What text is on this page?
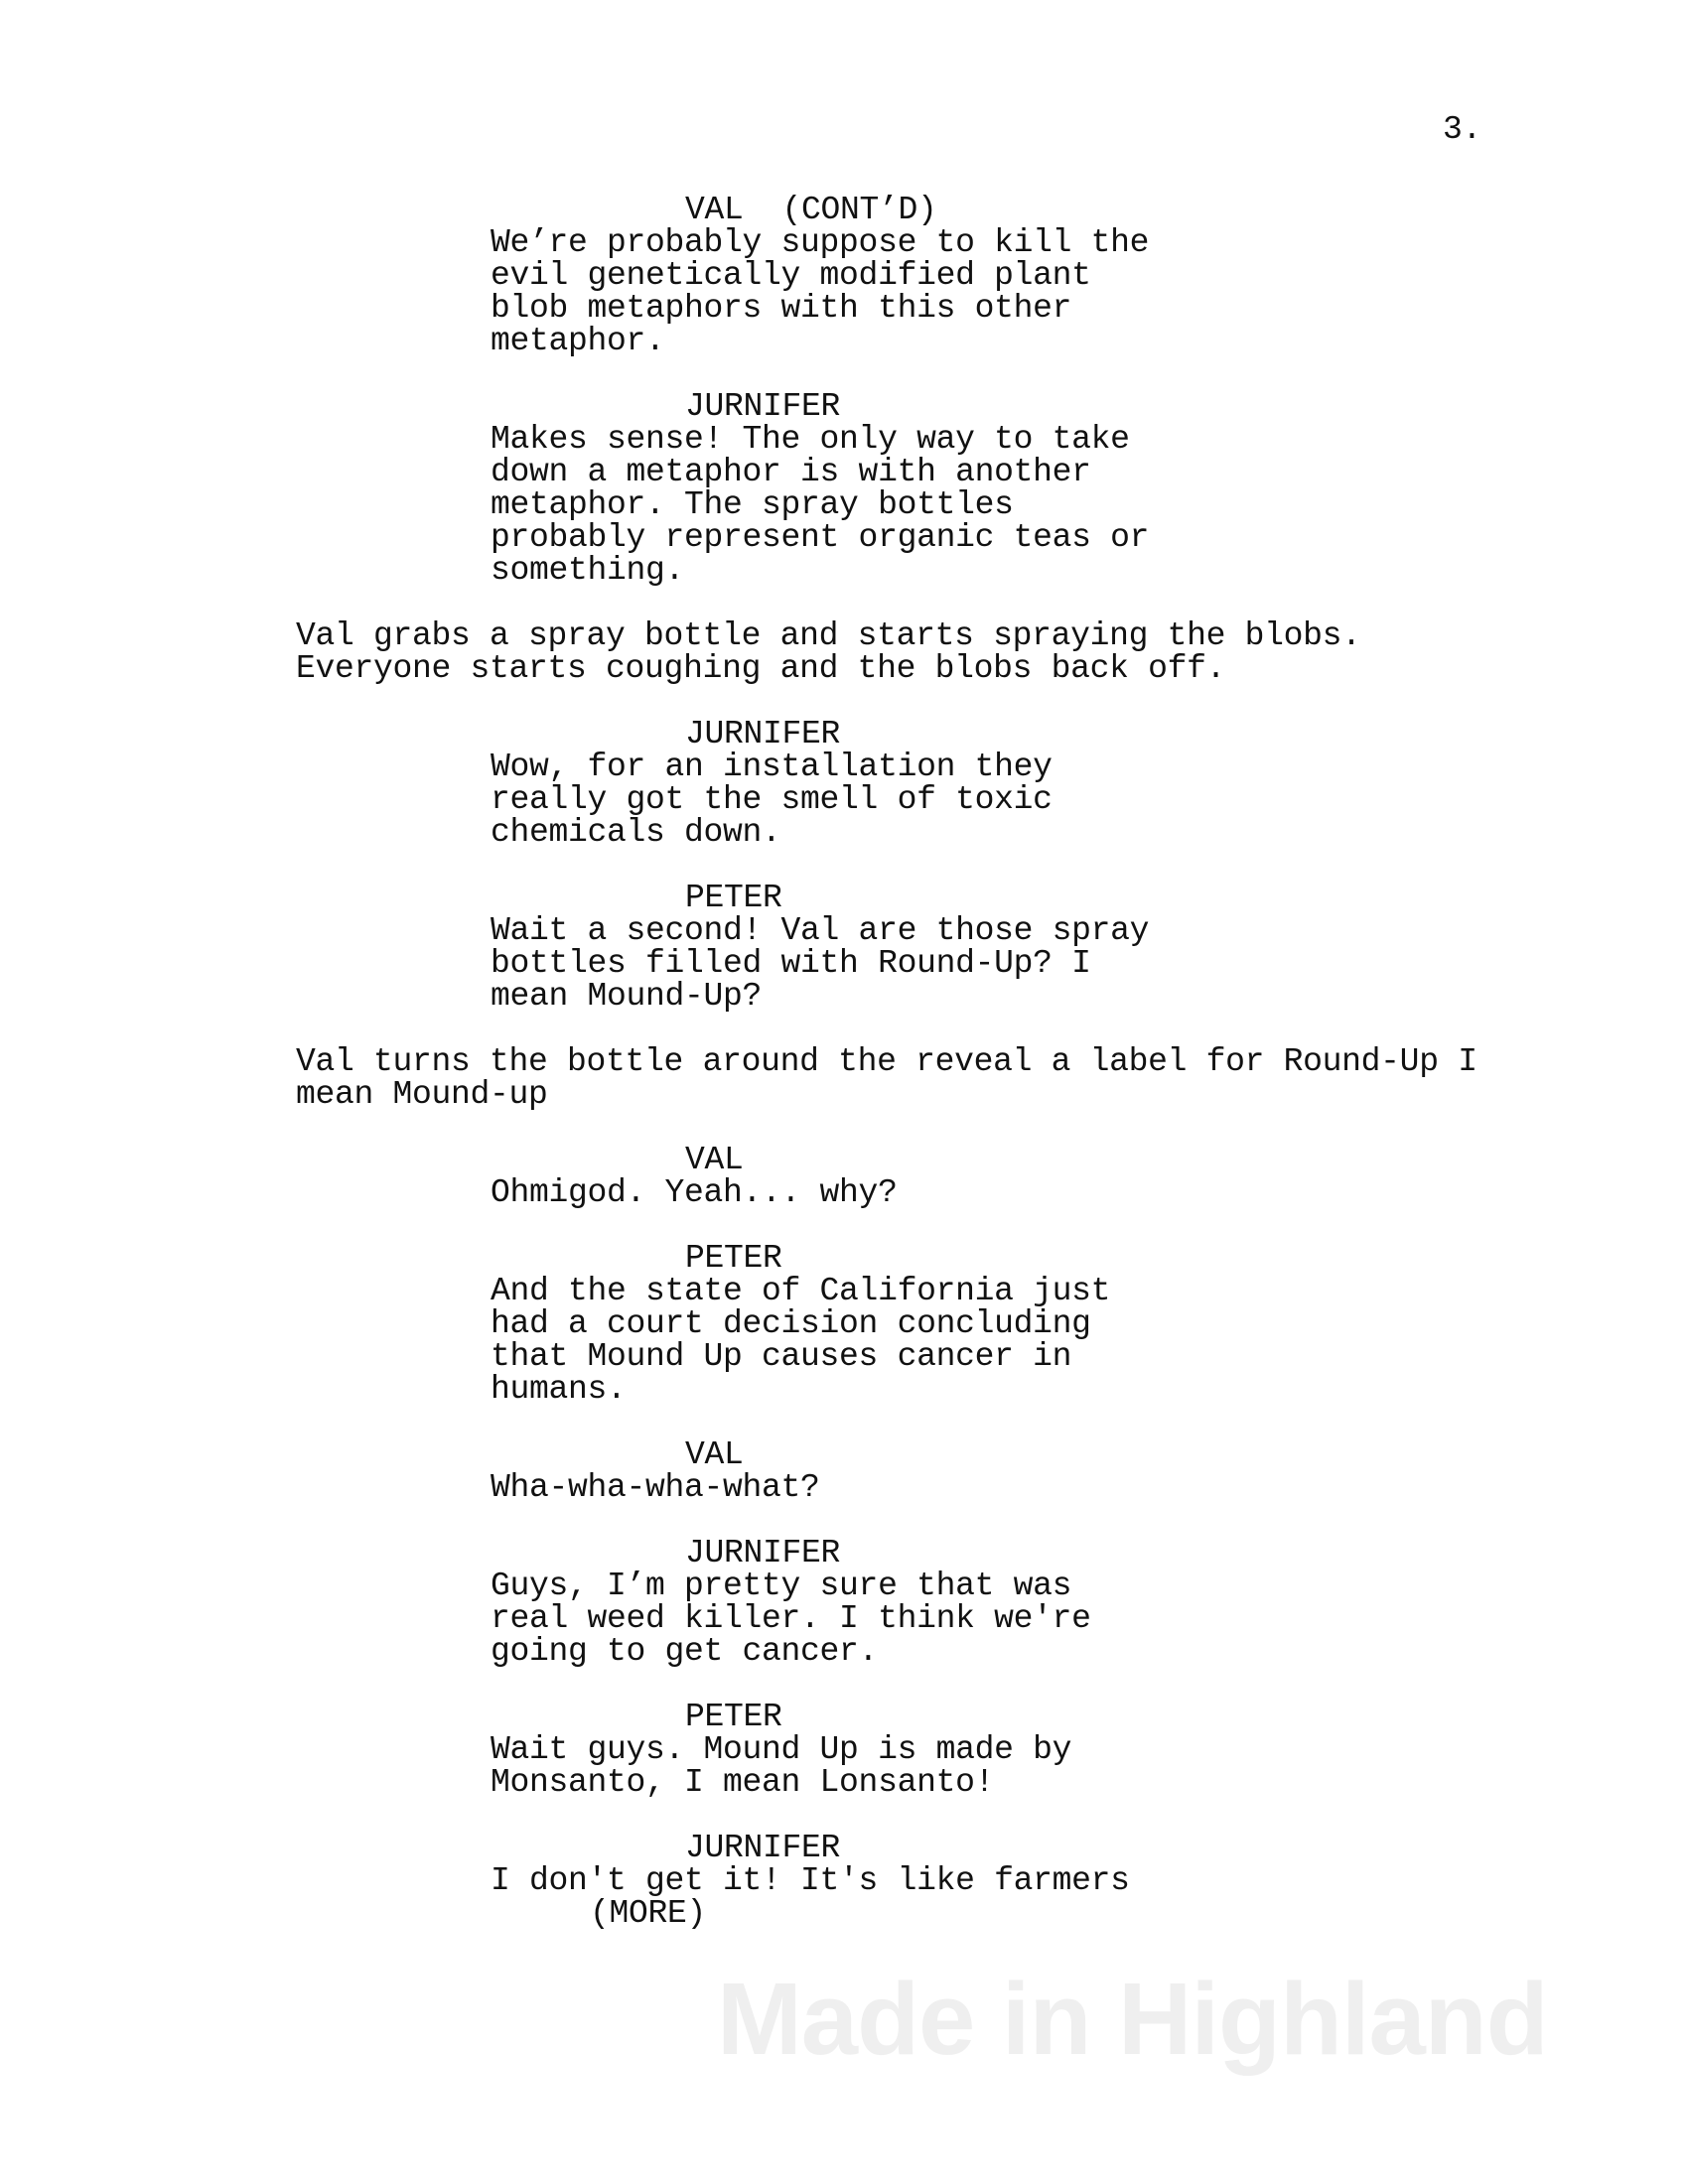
3.
VAL  (CONT’D)
We’re probably suppose to kill the
evil genetically modified plant
blob metaphors with this other
metaphor.
JURNIFER
Makes sense! The only way to take
down a metaphor is with another
metaphor. The spray bottles
probably represent organic teas or
something.
Val grabs a spray bottle and starts spraying the blobs.
Everyone starts coughing and the blobs back off.
JURNIFER
Wow, for an installation they
really got the smell of toxic
chemicals down.
PETER
Wait a second! Val are those spray
bottles filled with Round-Up? I
mean Mound-Up?
Val turns the bottle around the reveal a label for Round-Up I
mean Mound-up
VAL
Ohmigod. Yeah... why?
PETER
And the state of California just
had a court decision concluding
that Mound Up causes cancer in
humans.
VAL
Wha-wha-wha-what?
JURNIFER
Guys, I’m pretty sure that was
real weed killer. I think we're
going to get cancer.
PETER
Wait guys. Mound Up is made by
Monsanto, I mean Lonsanto!
JURNIFER
I don't get it! It's like farmers
(MORE)
Made in Highland
